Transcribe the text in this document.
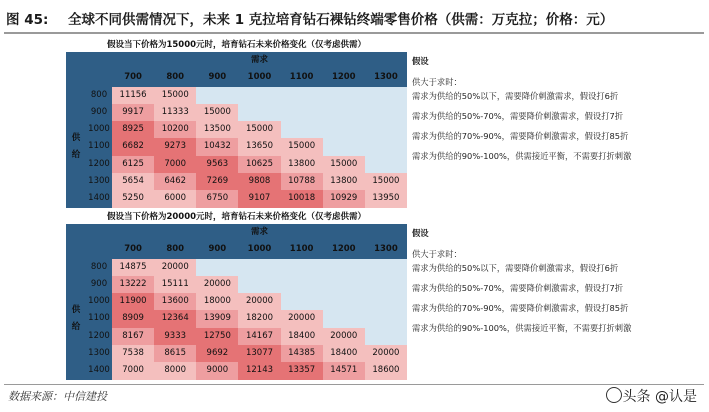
图 45: 全球不同供需情况下，未来 1 克拉培育钻石裸钻终端零售价格（供需：万克拉；价格：元）
假设当下价格为15000元时，培育钻石未来价格变化（仅考虑供需）
		需求						
		700	800	900	1000	1100	1200	1300
供
给	800	11156	15000					
	900	9917	11333	15000				
	1000	8925	10200	13500	15000			
	1100	6682	9273	10432	13650	15000		
	1200	6125	7000	9563	10625	13800	15000	
	1300	5654	6462	7269	9808	10788	13800	15000
	1400	5250	6000	6750	9107	10018	10929	13950
假设
供大于求时：
需求为供给的50%以下，需要降价刺激需求，假设打6折
需求为供给的50%-70%，需要降价刺激需求，假设打7折
需求为供给的70%-90%，需要降价刺激需求，假设打85折
需求为供给的90%-100%，供需接近平衡，不需要打折刺激
假设当下价格为20000元时，培育钻石未来价格变化（仅考虑供需）
		需求						
		700	800	900	1000	1100	1200	1300
供
给	800	14875	20000					
	900	13222	15111	20000				
	1000	11900	13600	18000	20000			
	1100	8909	12364	13909	18200	20000		
	1200	8167	9333	12750	14167	18400	20000	
	1300	7538	8615	9692	13077	14385	18400	20000
	1400	7000	8000	9000	12143	13357	14571	18600
假设
供大于求时：
需求为供给的50%以下，需要降价刺激需求，假设打6折
需求为供给的50%-70%，需要降价刺激需求，假设打7折
需求为供给的70%-90%，需要降价刺激需求，假设打85折
需求为供给的90%-100%，供需接近平衡，不需要打折刺激
数据来源：中信建投	头条 @认是
